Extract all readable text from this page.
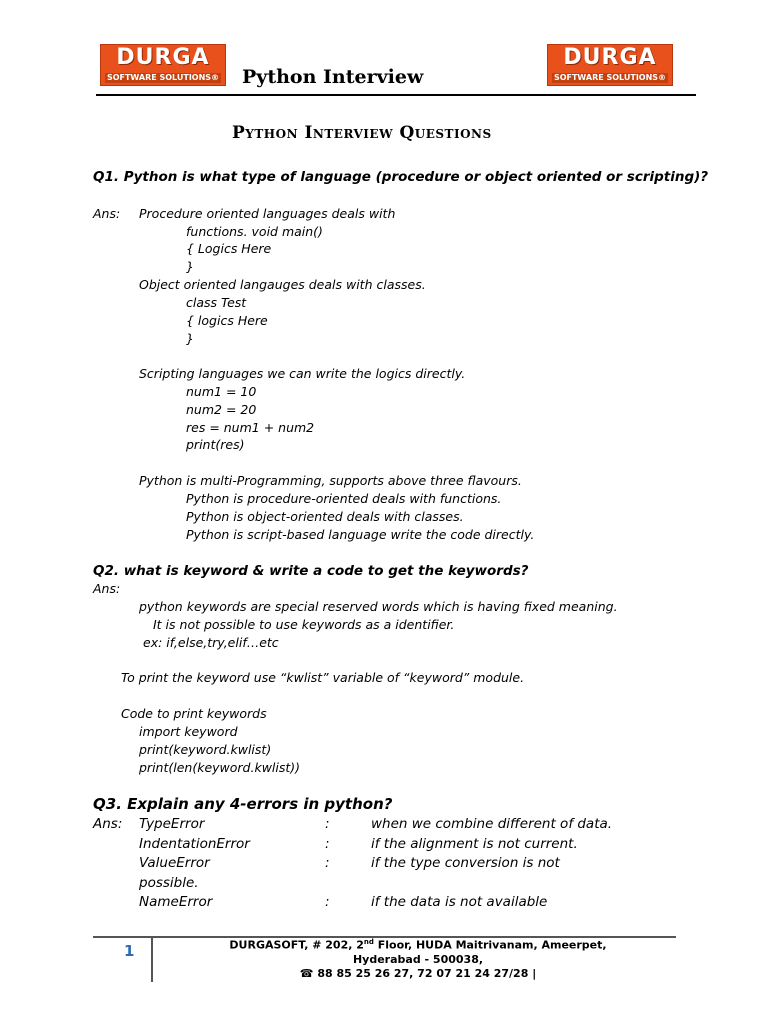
DURGA
SOFTWARE SOLUTIONS® Python Interview
DURGA
SOFTWARE SOLUTIONS®
Python Interview Questions
Q1. Python is what type of language (procedure or object oriented or scripting)?
Ans: Procedure oriented languages deals with
functions. void main()
{ Logics Here
}
Object oriented langauges deals with classes.
class Test
{ logics Here
}
Scripting languages we can write the logics directly.
num1 = 10
num2 = 20
res = num1 + num2
print(res)
Python is multi-Programming, supports above three flavours.
Python is procedure-oriented deals with functions.
Python is object-oriented deals with classes.
Python is script-based language write the code directly.
Q2. what is keyword & write a code to get the keywords?
Ans:
python keywords are special reserved words which is having fixed meaning.
It is not possible to use keywords as a identifier.
ex: if,else,try,elif…etc
To print the keyword use “kwlist” variable of “keyword” module.
Code to print keywords
import keyword
print(keyword.kwlist)
print(len(keyword.kwlist))
Q3. Explain any 4-errors in python?
Ans: TypeError	:	when we combine different of data.
IndentationError	:	if the alignment is not current.
ValueError	:	if the type conversion is not
possible.
NameError	:	if the data is not available
1	DURGASOFT, # 202, 2nd Floor, HUDA Maitrivanam, Ameerpet,
Hyderabad - 500038,
☎ 88 85 25 26 27, 72 07 21 24 27/28 |
